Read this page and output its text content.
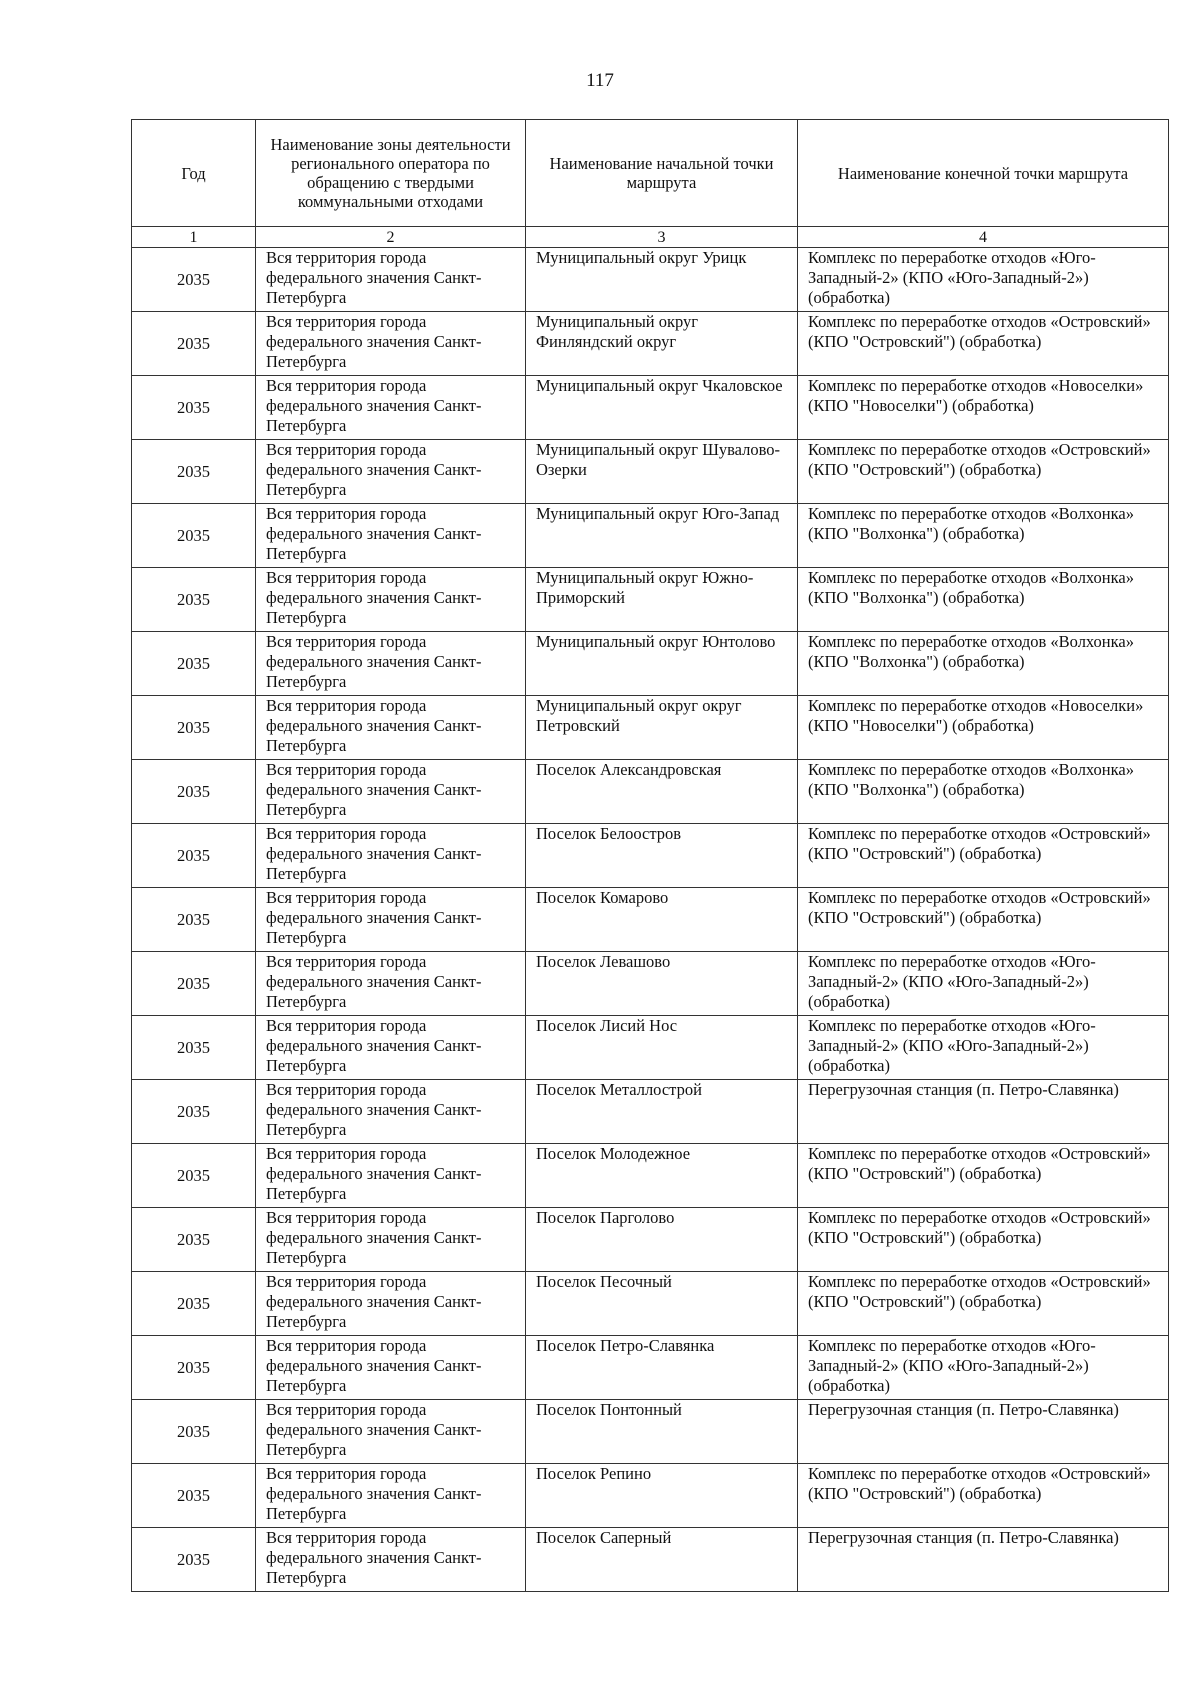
117
Год	Наименование зоны деятельности регионального оператора по обращению с твердыми коммунальными отходами	Наименование начальной точки маршрута	Наименование конечной точки маршрута
1	2	3	4
2035	Вся территория города федерального значения Санкт-Петербурга	Муниципальный округ Урицк	Комплекс по переработке отходов «Юго-Западный-2» (КПО «Юго-Западный-2») (обработка)
2035	Вся территория города федерального значения Санкт-Петербурга	Муниципальный округ Финляндский округ	Комплекс по переработке отходов «Островский» (КПО "Островский") (обработка)
2035	Вся территория города федерального значения Санкт-Петербурга	Муниципальный округ Чкаловское	Комплекс по переработке отходов «Новоселки» (КПО "Новоселки") (обработка)
2035	Вся территория города федерального значения Санкт-Петербурга	Муниципальный округ Шувалово-Озерки	Комплекс по переработке отходов «Островский» (КПО "Островский") (обработка)
2035	Вся территория города федерального значения Санкт-Петербурга	Муниципальный округ Юго-Запад	Комплекс по переработке отходов «Волхонка» (КПО "Волхонка") (обработка)
2035	Вся территория города федерального значения Санкт-Петербурга	Муниципальный округ Южно-Приморский	Комплекс по переработке отходов «Волхонка» (КПО "Волхонка") (обработка)
2035	Вся территория города федерального значения Санкт-Петербурга	Муниципальный округ Юнтолово	Комплекс по переработке отходов «Волхонка» (КПО "Волхонка") (обработка)
2035	Вся территория города федерального значения Санкт-Петербурга	Муниципальный округ округ Петровский	Комплекс по переработке отходов «Новоселки» (КПО "Новоселки") (обработка)
2035	Вся территория города федерального значения Санкт-Петербурга	Поселок Александровская	Комплекс по переработке отходов «Волхонка» (КПО "Волхонка") (обработка)
2035	Вся территория города федерального значения Санкт-Петербурга	Поселок Белоостров	Комплекс по переработке отходов «Островский» (КПО "Островский") (обработка)
2035	Вся территория города федерального значения Санкт-Петербурга	Поселок Комарово	Комплекс по переработке отходов «Островский» (КПО "Островский") (обработка)
2035	Вся территория города федерального значения Санкт-Петербурга	Поселок Левашово	Комплекс по переработке отходов «Юго-Западный-2» (КПО «Юго-Западный-2») (обработка)
2035	Вся территория города федерального значения Санкт-Петербурга	Поселок Лисий Нос	Комплекс по переработке отходов «Юго-Западный-2» (КПО «Юго-Западный-2») (обработка)
2035	Вся территория города федерального значения Санкт-Петербурга	Поселок Металлострой	Перегрузочная станция (п. Петро-Славянка)
2035	Вся территория города федерального значения Санкт-Петербурга	Поселок Молодежное	Комплекс по переработке отходов «Островский» (КПО "Островский") (обработка)
2035	Вся территория города федерального значения Санкт-Петербурга	Поселок Парголово	Комплекс по переработке отходов «Островский» (КПО "Островский") (обработка)
2035	Вся территория города федерального значения Санкт-Петербурга	Поселок Песочный	Комплекс по переработке отходов «Островский» (КПО "Островский") (обработка)
2035	Вся территория города федерального значения Санкт-Петербурга	Поселок Петро-Славянка	Комплекс по переработке отходов «Юго-Западный-2» (КПО «Юго-Западный-2») (обработка)
2035	Вся территория города федерального значения Санкт-Петербурга	Поселок Понтонный	Перегрузочная станция (п. Петро-Славянка)
2035	Вся территория города федерального значения Санкт-Петербурга	Поселок Репино	Комплекс по переработке отходов «Островский» (КПО "Островский") (обработка)
2035	Вся территория города федерального значения Санкт-Петербурга	Поселок Саперный	Перегрузочная станция (п. Петро-Славянка)
